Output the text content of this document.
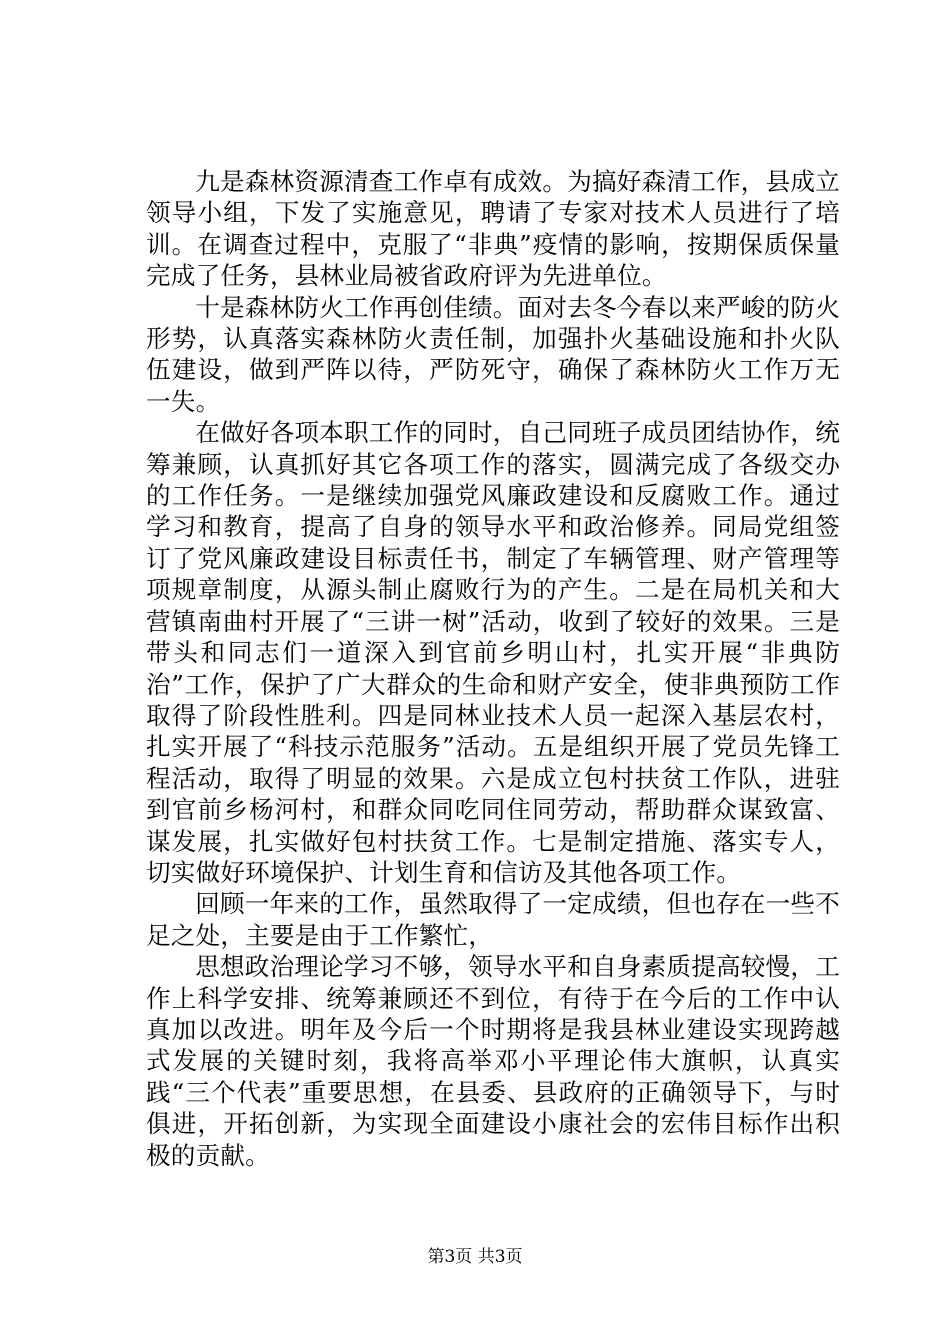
九是森林资源清查工作卓有成效。为搞好森清工作，县成立领导小组，下发了实施意见，聘请了专家对技术人员进行了培训。在调查过程中，克服了“非典”疫情的影响，按期保质保量完成了任务，县林业局被省政府评为先进单位。

十是森林防火工作再创佳绩。面对去冬今春以来严峻的防火形势，认真落实森林防火责任制，加强扑火基础设施和扑火队伍建设，做到严阵以待，严防死守，确保了森林防火工作万无一失。

在做好各项本职工作的同时，自己同班子成员团结协作，统筹兼顾，认真抓好其它各项工作的落实，圆满完成了各级交办的工作任务。一是继续加强党风廉政建设和反腐败工作。通过学习和教育，提高了自身的领导水平和政治修养。同局党组签订了党风廉政建设目标责任书，制定了车辆管理、财产管理等项规章制度，从源头制止腐败行为的产生。二是在局机关和大营镇南曲村开展了“三讲一树”活动，收到了较好的效果。三是带头和同志们一道深入到官前乡明山村，扎实开展“非典防治”工作，保护了广大群众的生命和财产安全，使非典预防工作取得了阶段性胜利。四是同林业技术人员一起深入基层农村，扎实开展了“科技示范服务”活动。五是组织开展了党员先锋工程活动，取得了明显的效果。六是成立包村扶贫工作队，进驻到官前乡杨河村，和群众同吃同住同劳动，帮助群众谋致富、谋发展，扎实做好包村扶贫工作。七是制定措施、落实专人，切实做好环境保护、计划生育和信访及其他各项工作。

回顾一年来的工作，虽然取得了一定成绩，但也存在一些不足之处，主要是由于工作繁忙，

思想政治理论学习不够，领导水平和自身素质提高较慢，工作上科学安排、统筹兼顾还不到位，有待于在今后的工作中认真加以改进。明年及今后一个时期将是我县林业建设实现跨越式发展的关键时刻，我将高举邓小平理论伟大旗帜，认真实践“三个代表”重要思想，在县委、县政府的正确领导下，与时俱进，开拓创新，为实现全面建设小康社会的宏伟目标作出积极的贡献。

第3页 共3页
